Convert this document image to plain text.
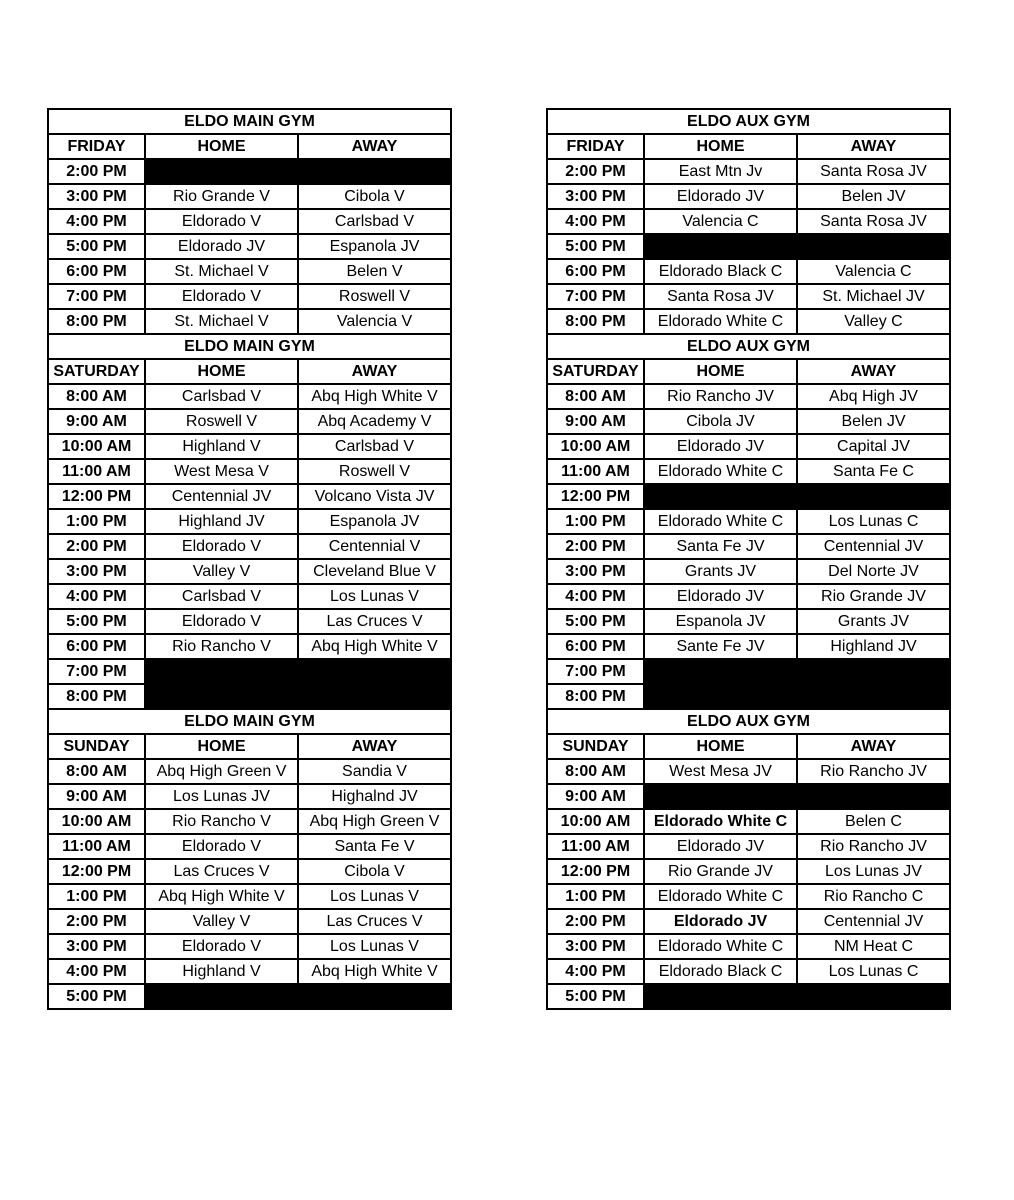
ELDO MAIN GYM		
FRIDAY	HOME	AWAY
2:00 PM		
3:00 PM	Rio Grande V	Cibola V
4:00 PM	Eldorado V	Carlsbad V
5:00 PM	Eldorado JV	Espanola JV
6:00 PM	St. Michael V	Belen V
7:00 PM	Eldorado V	Roswell V
8:00 PM	St. Michael V	Valencia V
ELDO MAIN GYM		
SATURDAY	HOME	AWAY
8:00 AM	Carlsbad V	Abq High White V
9:00 AM	Roswell V	Abq Academy V
10:00 AM	Highland V	Carlsbad V
11:00 AM	West Mesa V	Roswell V
12:00 PM	Centennial JV	Volcano Vista JV
1:00 PM	Highland JV	Espanola JV
2:00 PM	Eldorado V	Centennial V
3:00 PM	Valley V	Cleveland Blue V
4:00 PM	Carlsbad V	Los Lunas V
5:00 PM	Eldorado V	Las Cruces V
6:00 PM	Rio Rancho V	Abq High White V
7:00 PM		
8:00 PM		
ELDO MAIN GYM		
SUNDAY	HOME	AWAY
8:00 AM	Abq High Green V	Sandia V
9:00 AM	Los Lunas JV	Highalnd JV
10:00 AM	Rio Rancho V	Abq High Green V
11:00 AM	Eldorado V	Santa Fe V
12:00 PM	Las Cruces V	Cibola V
1:00 PM	Abq High White V	Los Lunas V
2:00 PM	Valley V	Las Cruces V
3:00 PM	Eldorado V	Los Lunas V
4:00 PM	Highland V	Abq High White V
5:00 PM		
ELDO AUX GYM		
FRIDAY	HOME	AWAY
2:00 PM	East Mtn Jv	Santa Rosa JV
3:00 PM	Eldorado JV	Belen JV
4:00 PM	Valencia C	Santa Rosa JV
5:00 PM		
6:00 PM	Eldorado Black C	Valencia C
7:00 PM	Santa Rosa JV	St. Michael JV
8:00 PM	Eldorado White C	Valley C
ELDO AUX GYM		
SATURDAY	HOME	AWAY
8:00 AM	Rio Rancho JV	Abq High JV
9:00 AM	Cibola JV	Belen JV
10:00 AM	Eldorado JV	Capital JV
11:00 AM	Eldorado White C	Santa Fe C
12:00 PM		
1:00 PM	Eldorado White C	Los Lunas C
2:00 PM	Santa Fe JV	Centennial JV
3:00 PM	Grants JV	Del Norte JV
4:00 PM	Eldorado JV	Rio Grande JV
5:00 PM	Espanola JV	Grants JV
6:00 PM	Sante Fe JV	Highland JV
7:00 PM		
8:00 PM		
ELDO AUX GYM		
SUNDAY	HOME	AWAY
8:00 AM	West Mesa JV	Rio Rancho JV
9:00 AM		
10:00 AM	Eldorado White C	Belen C
11:00 AM	Eldorado JV	Rio Rancho JV
12:00 PM	Rio Grande JV	Los Lunas JV
1:00 PM	Eldorado White C	Rio Rancho C
2:00 PM	Eldorado JV	Centennial JV
3:00 PM	Eldorado White C	NM Heat C
4:00 PM	Eldorado Black C	Los Lunas C
5:00 PM		
